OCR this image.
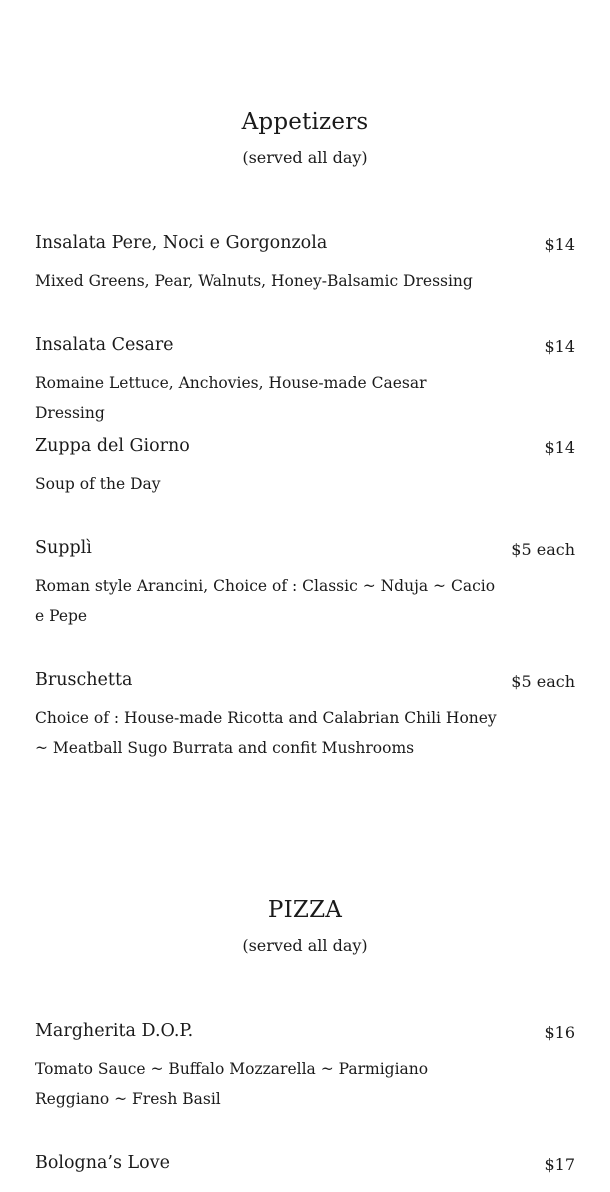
Appetizers
(served all day)
Insalata Pere, Noci e Gorgonzola	$14
Mixed Greens, Pear, Walnuts, Honey-Balsamic Dressing
Insalata Cesare	$14
Romaine Lettuce, Anchovies, House-made Caesar Dressing
Zuppa del Giorno	$14
Soup of the Day
Supplì	$5 each
Roman style Arancini, Choice of : Classic ~ Nduja ~ Cacio e Pepe
Bruschetta	$5 each
Choice of : House-made Ricotta and Calabrian Chili Honey ~ Meatball Sugo Burrata and confit Mushrooms
PIZZA
(served all day)
Margherita D.O.P.	$16
Tomato Sauce ~ Buffalo Mozzarella ~ Parmigiano Reggiano ~ Fresh Basil
Bologna’s Love	$17
